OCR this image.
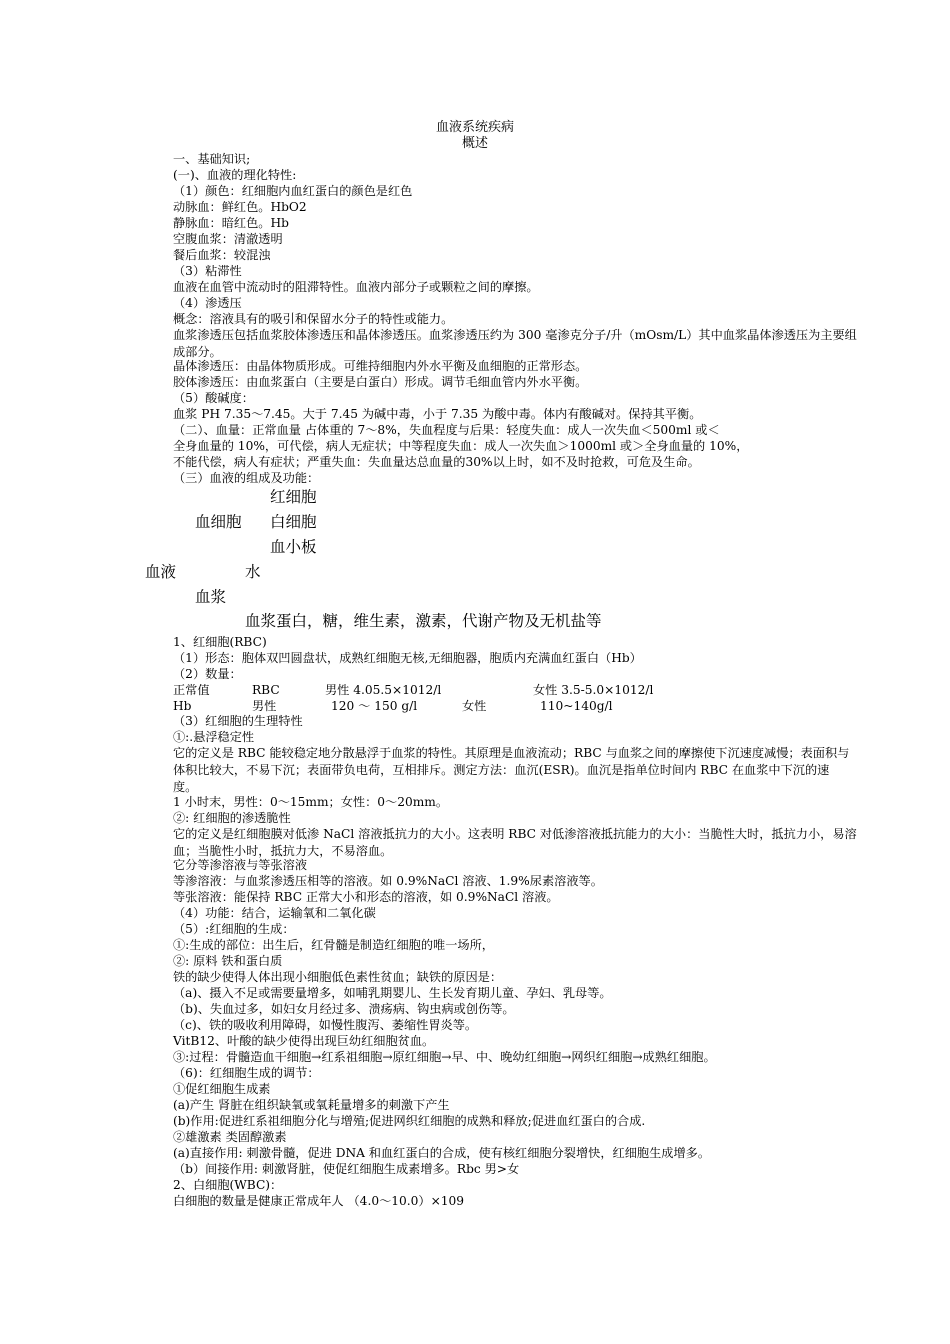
血液系统疾病
概述
一、基础知识;
(一)、血液的理化特性:
（1）颜色：红细胞内血红蛋白的颜色是红色
动脉血：鲜红色。HbO2
静脉血：暗红色。Hb
空腹血浆：清澈透明
餐后血浆：较混浊
（3）粘滞性
血液在血管中流动时的阻滞特性。血液内部分子或颗粒之间的摩擦。
（4）渗透压
概念：溶液具有的吸引和保留水分子的特性或能力。
血浆渗透压包括血浆胶体渗透压和晶体渗透压。血浆渗透压约为 300 毫渗克分子/升（mOsm/L）其中血浆晶体渗透压为主要组成部分。
晶体渗透压：由晶体物质形成。可维持细胞内外水平衡及血细胞的正常形态。
胶体渗透压：由血浆蛋白（主要是白蛋白）形成。调节毛细血管内外水平衡。
（5）酸碱度：
血浆 PH 7.35～7.45。大于 7.45 为碱中毒，小于 7.35 为酸中毒。体内有酸碱对。保持其平衡。
（二）、血量：正常血量 占体重的 7～8%，失血程度与后果：轻度失血：成人一次失血＜500ml 或＜
全身血量的 10%，可代偿，病人无症状；中等程度失血：成人一次失血＞1000ml 或＞全身血量的 10%，
不能代偿，病人有症状；严重失血：失血量达总血量的30%以上时，如不及时抢救，可危及生命。
（三）血液的组成及功能：
红细胞
血细胞 白细胞
血小板
血液	水
血浆
血浆蛋白，糖，维生素，激素，代谢产物及无机盐等
1、红细胞(RBC)
（1）形态：胞体双凹圆盘状，成熟红细胞无核,无细胞器，胞质内充满血红蛋白（Hb）
（2）数量：
正常值	RBC	男性 4.05.5×1012/l	女性 3.5-5.0×1012/l
Hb	男性	120 ～ 150 g/l	女性	110~140g/l
（3）红细胞的生理特性
①:.悬浮稳定性
它的定义是 RBC 能较稳定地分散悬浮于血浆的特性。其原理是血液流动；RBC 与血浆之间的摩擦使下沉速度减慢；表面积与体积比较大，不易下沉；表面带负电荷，互相排斥。测定方法：血沉(ESR)。血沉是指单位时间内 RBC 在血浆中下沉的速度。
1 小时末，男性：0～15mm；女性：0～20mm。
②: 红细胞的渗透脆性
它的定义是红细胞膜对低渗 NaCl 溶液抵抗力的大小。这表明 RBC 对低渗溶液抵抗能力的大小：当脆性大时，抵抗力小，易溶血；当脆性小时，抵抗力大，不易溶血。
它分等渗溶液与等张溶液
等渗溶液：与血浆渗透压相等的溶液。如 0.9%NaCl 溶液、1.9%尿素溶液等。
等张溶液：能保持 RBC 正常大小和形态的溶液，如 0.9%NaCl 溶液。
（4）功能：结合，运输氧和二氧化碳
（5）:红细胞的生成：
①:生成的部位：出生后，红骨髓是制造红细胞的唯一场所，
②: 原料 铁和蛋白质
铁的缺少使得人体出现小细胞低色素性贫血；缺铁的原因是：
（a)、摄入不足或需要量增多，如哺乳期婴儿、生长发育期儿童、孕妇、乳母等。
（b)、失血过多，如妇女月经过多、溃疡病、钩虫病或创伤等。
（c)、铁的吸收利用障碍，如慢性腹泻、萎缩性胃炎等。
VitB12、叶酸的缺少使得出现巨幼红细胞贫血。
③:过程：骨髓造血干细胞→红系祖细胞→原红细胞→早、中、晚幼红细胞→网织红细胞→成熟红细胞。
（6)：红细胞生成的调节：
①促红细胞生成素
(a)产生 肾脏在组织缺氧或氧耗量增多的刺激下产生
(b)作用:促进红系祖细胞分化与增殖;促进网织红细胞的成熟和释放;促进血红蛋白的合成.
②雄激素 类固醇激素
(a)直接作用: 刺激骨髓，促进 DNA 和血红蛋白的合成，使有核红细胞分裂增快，红细胞生成增多。
（b）间接作用: 刺激肾脏，使促红细胞生成素增多。Rbc 男>女
2、白细胞(WBC)：
白细胞的数量是健康正常成年人 （4.0～10.0）×109
